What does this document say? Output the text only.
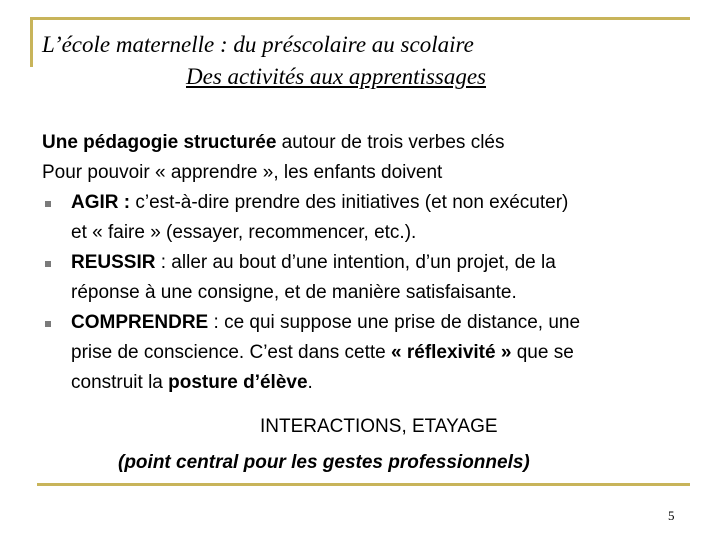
L’école maternelle : du préscolaire au scolaire
Des activités aux apprentissages
Une pédagogie structurée autour de trois verbes clés
Pour pouvoir « apprendre », les enfants doivent
AGIR : c’est-à-dire prendre des initiatives (et non exécuter)
et « faire » (essayer, recommencer, etc.).
REUSSIR : aller au bout d’une intention, d’un projet, de la
réponse à une consigne, et de manière satisfaisante.
COMPRENDRE : ce qui suppose une prise de distance, une
prise de conscience. C’est dans cette « réflexivité » que se
construit la posture d’élève.
INTERACTIONS, ETAYAGE
(point central pour les gestes professionnels)
5
